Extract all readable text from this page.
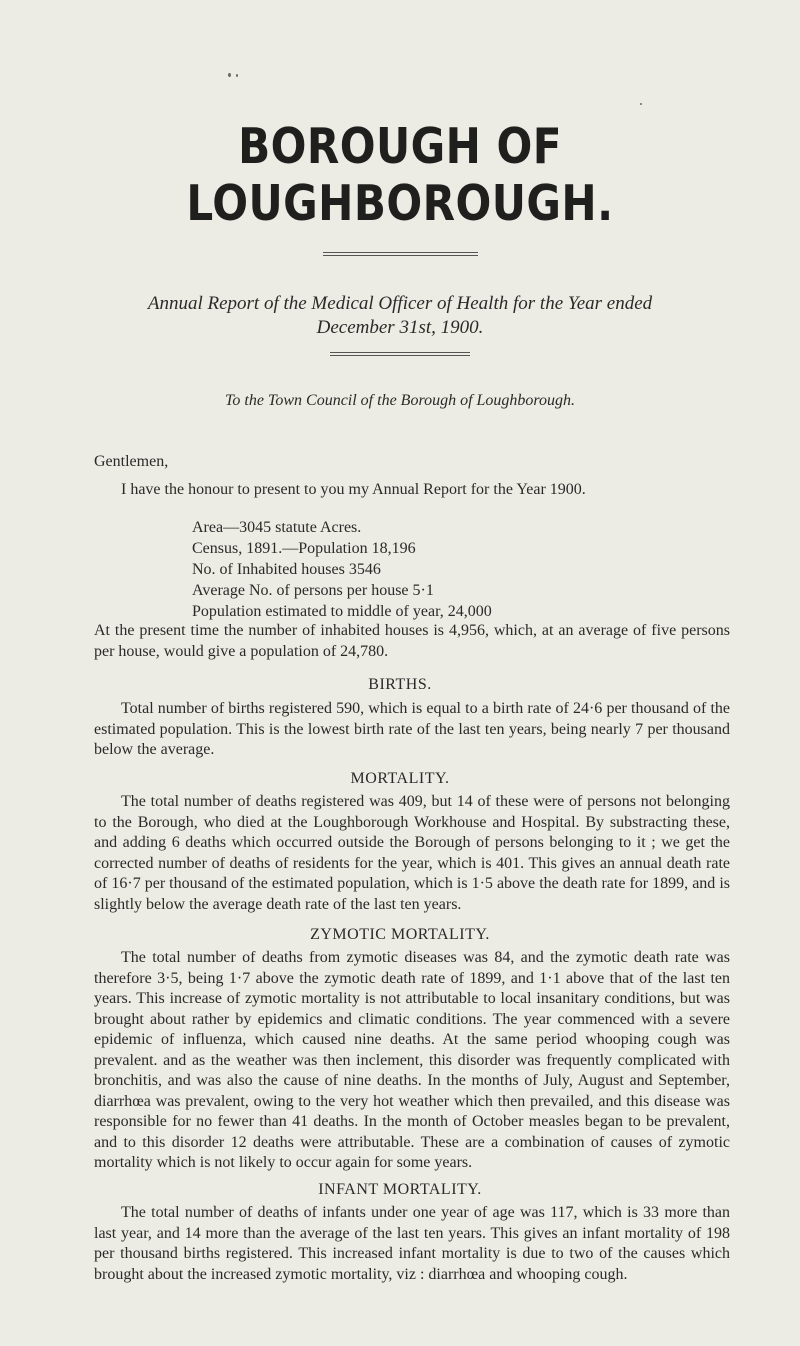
BOROUGH OF LOUGHBOROUGH.
Annual Report of the Medical Officer of Health for the Year ended
December 31st, 1900.
To the Town Council of the Borough of Loughborough.
Gentlemen,
I have the honour to present to you my Annual Report for the Year 1900.
Area—3045 statute Acres.
Census, 1891.—Population 18,196
No. of Inhabited houses 3546
Average No. of persons per house 5·1
Population estimated to middle of year, 24,000
At the present time the number of inhabited houses is 4,956, which, at an average of five persons per house, would give a population of 24,780.
BIRTHS.
Total number of births registered 590, which is equal to a birth rate of 24·6 per thousand of the estimated population. This is the lowest birth rate of the last ten years, being nearly 7 per thousand below the average.
MORTALITY.
The total number of deaths registered was 409, but 14 of these were of persons not belonging to the Borough, who died at the Loughborough Workhouse and Hospital. By substracting these, and adding 6 deaths which occurred outside the Borough of persons belonging to it ; we get the corrected number of deaths of residents for the year, which is 401. This gives an annual death rate of 16·7 per thousand of the estimated population, which is 1·5 above the death rate for 1899, and is slightly below the average death rate of the last ten years.
ZYMOTIC MORTALITY.
The total number of deaths from zymotic diseases was 84, and the zymotic death rate was therefore 3·5, being 1·7 above the zymotic death rate of 1899, and 1·1 above that of the last ten years. This increase of zymotic mortality is not attributable to local insanitary conditions, but was brought about rather by epidemics and climatic conditions. The year commenced with a severe epidemic of influenza, which caused nine deaths. At the same period whooping cough was prevalent. and as the weather was then inclement, this disorder was frequently complicated with bronchitis, and was also the cause of nine deaths. In the months of July, August and September, diarrhœa was prevalent, owing to the very hot weather which then prevailed, and this disease was responsible for no fewer than 41 deaths. In the month of October measles began to be prevalent, and to this disorder 12 deaths were attributable. These are a combination of causes of zymotic mortality which is not likely to occur again for some years.
INFANT MORTALITY.
The total number of deaths of infants under one year of age was 117, which is 33 more than last year, and 14 more than the average of the last ten years. This gives an infant mortality of 198 per thousand births registered. This increased infant mortality is due to two of the causes which brought about the increased zymotic mortality, viz : diarrhœa and whooping cough.
